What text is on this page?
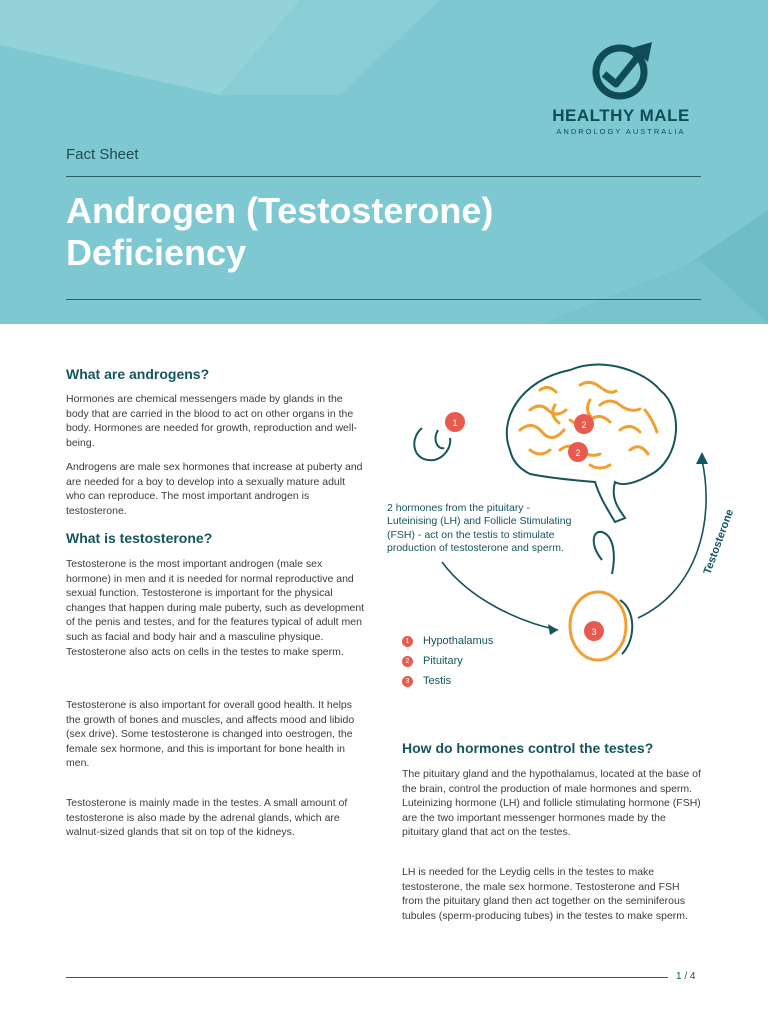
HEALTHY MALE
ANDROLOGY AUSTRALIA
Fact Sheet
Androgen (Testosterone)
Deficiency
What are androgens?

Hormones are chemical messengers made by glands in the body that are carried in the blood to act on other organs in the body. Hormones are needed for growth, reproduction and well-being.

Androgens are male sex hormones that increase at puberty and are needed for a boy to develop into a sexually mature adult who can reproduce. The most important androgen is testosterone.

What is testosterone?

Testosterone is the most important androgen (male sex hormone) in men and it is needed for normal reproductive and sexual function. Testosterone is important for the physical changes that happen during male puberty, such as development of the penis and testes, and for the features typical of adult men such as facial and body hair and a masculine physique. Testosterone also acts on cells in the testes to make sperm.

Testosterone is also important for overall good health. It helps the growth of bones and muscles, and affects mood and libido (sex drive). Some testosterone is changed into oestrogen, the female sex hormone, and this is important for bone health in men.

Testosterone is mainly made in the testes. A small amount of testosterone is also made by the adrenal glands, which are walnut-sized glands that sit on top of the kidneys.

Testosterone
1	2
2
3
2 hormones from the pituitary - Luteinising (LH) and Follicle Stimulating (FSH) - act on the testis to stimulate production of testosterone and sperm.
1	Hypothalamus
2	Pituitary
3	Testis
How do hormones control the testes?

The pituitary gland and the hypothalamus, located at the base of the brain, control the production of male hormones and sperm. Luteinizing hormone (LH) and follicle stimulating hormone (FSH) are the two important messenger hormones made by the pituitary gland that act on the testes.

LH is needed for the Leydig cells in the testes to make testosterone, the male sex hormone. Testosterone and FSH from the pituitary gland then act together on the seminiferous tubules (sperm-producing tubes) in the testes to make sperm.

1 / 4
